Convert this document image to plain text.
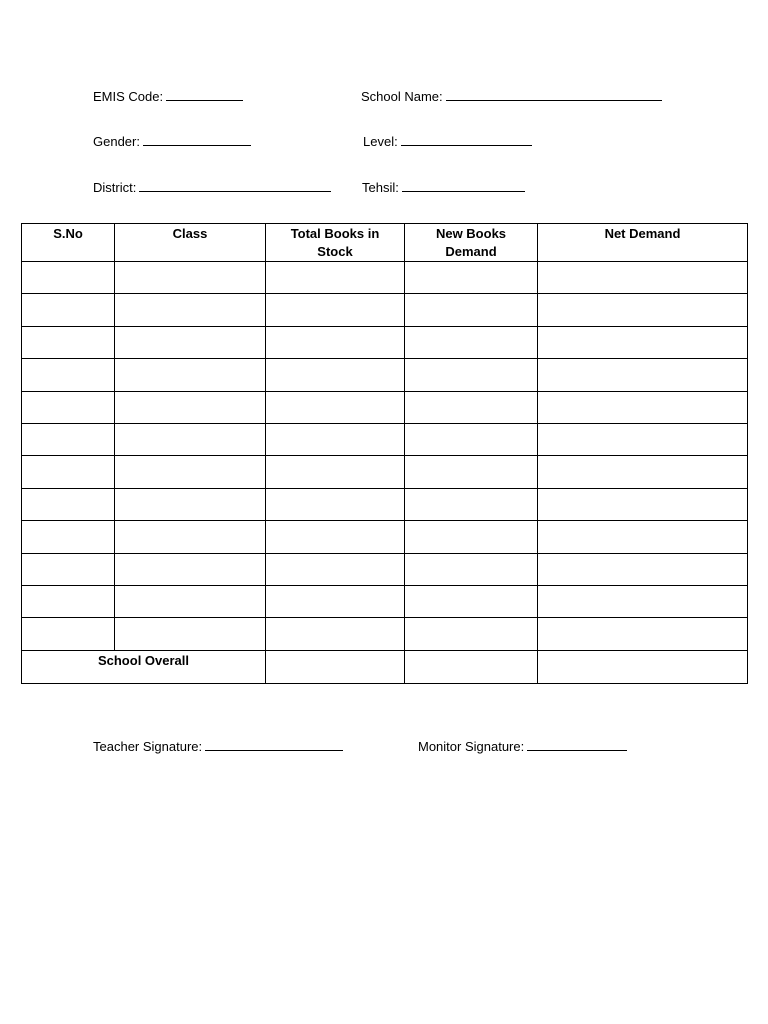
EMIS Code:	School Name:
Gender:	Level:
District:	Tehsil:
S.No	Class	Total Books in Stock	New Books Demand	Net Demand

School Overall				
Teacher Signature:	Monitor Signature:
